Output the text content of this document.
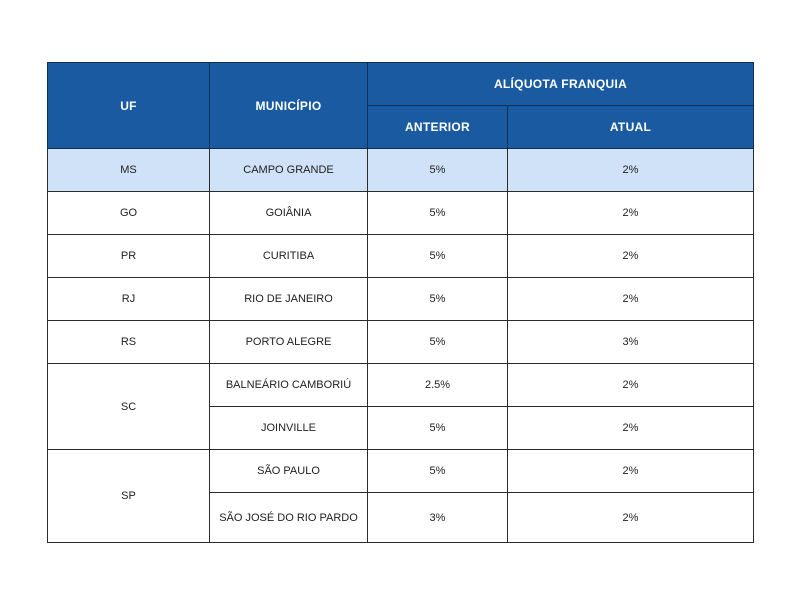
UF	MUNICÍPIO	ALÍQUOTA FRANQUIA	
		ANTERIOR	ATUAL
MS	CAMPO GRANDE	5%	2%
GO	GOIÂNIA	5%	2%
PR	CURITIBA	5%	2%
RJ	RIO DE JANEIRO	5%	2%
RS	PORTO ALEGRE	5%	3%
SC	BALNEÁRIO CAMBORIÚ	2.5%	2%
	JOINVILLE	5%	2%
SP	SÃO PAULO	5%	2%
	SÃO JOSÉ DO RIO PARDO	3%	2%
